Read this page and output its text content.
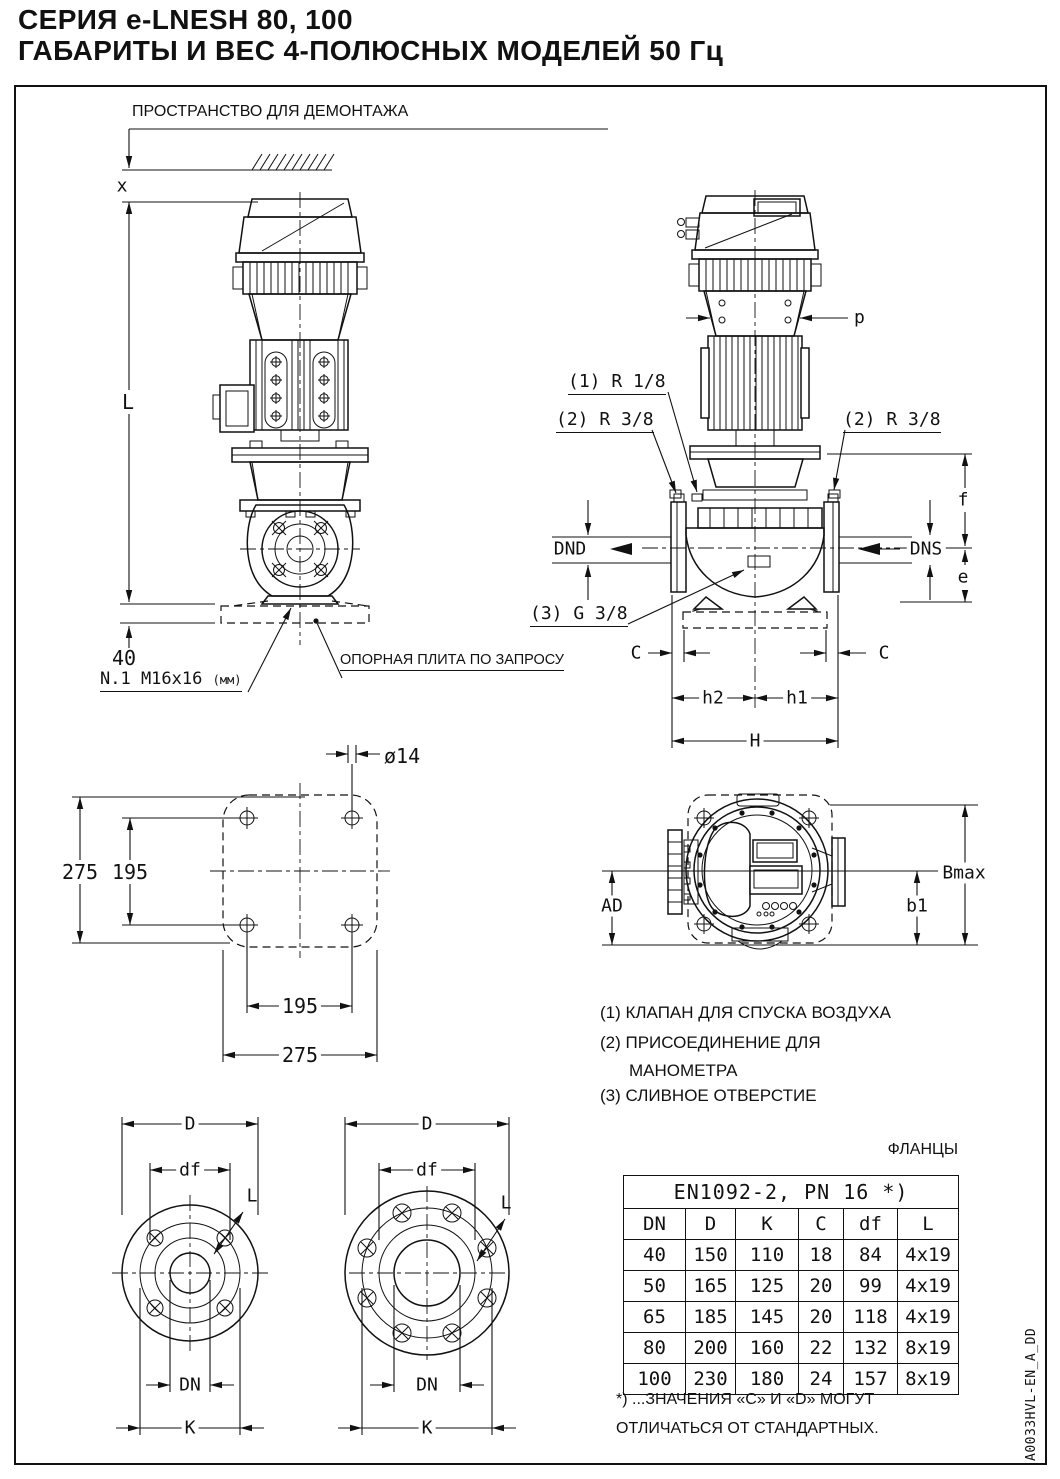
СЕРИЯ e-LNESH 80, 100
ГАБАРИТЫ И ВЕС 4-ПОЛЮСНЫХ МОДЕЛЕЙ 50 Гц
ПРОСТРАНСТВО ДЛЯ ДЕМОНТАЖА
x
L
40
N.1 M16x16 (мм)
ОПОРНАЯ ПЛИТА ПО ЗАПРОСУ
p
(1) R 1/8
(2) R 3/8	(2) R 3/8
(3) G 3/8
DND	DNS
f
e
C	C
h2	h1
H
ø14
275 195
195
275
AD	b1
Bmax
D
df
L
DN
K
D
df
L
DN
K
(1) КЛАПАН ДЛЯ СПУСКА ВОЗДУХА
(2) ПРИСОЕДИНЕНИЕ ДЛЯ
МАНОМЕТРА
(3) СЛИВНОЕ ОТВЕРСТИЕ
ФЛАНЦЫ
EN1092-2, PN 16 *)					
DN	D	K	C	df	L
40	150	110	18	84	4x19
50	165	125	20	99	4x19
65	185	145	20	118	4x19
80	200	160	22	132	8x19
100	230	180	24	157	8x19
*) ...ЗНАЧЕНИЯ «С» И «D» МОГУТ
ОТЛИЧАТЬСЯ ОТ СТАНДАРТНЫХ.	A0033HVL-EN_A_DD
